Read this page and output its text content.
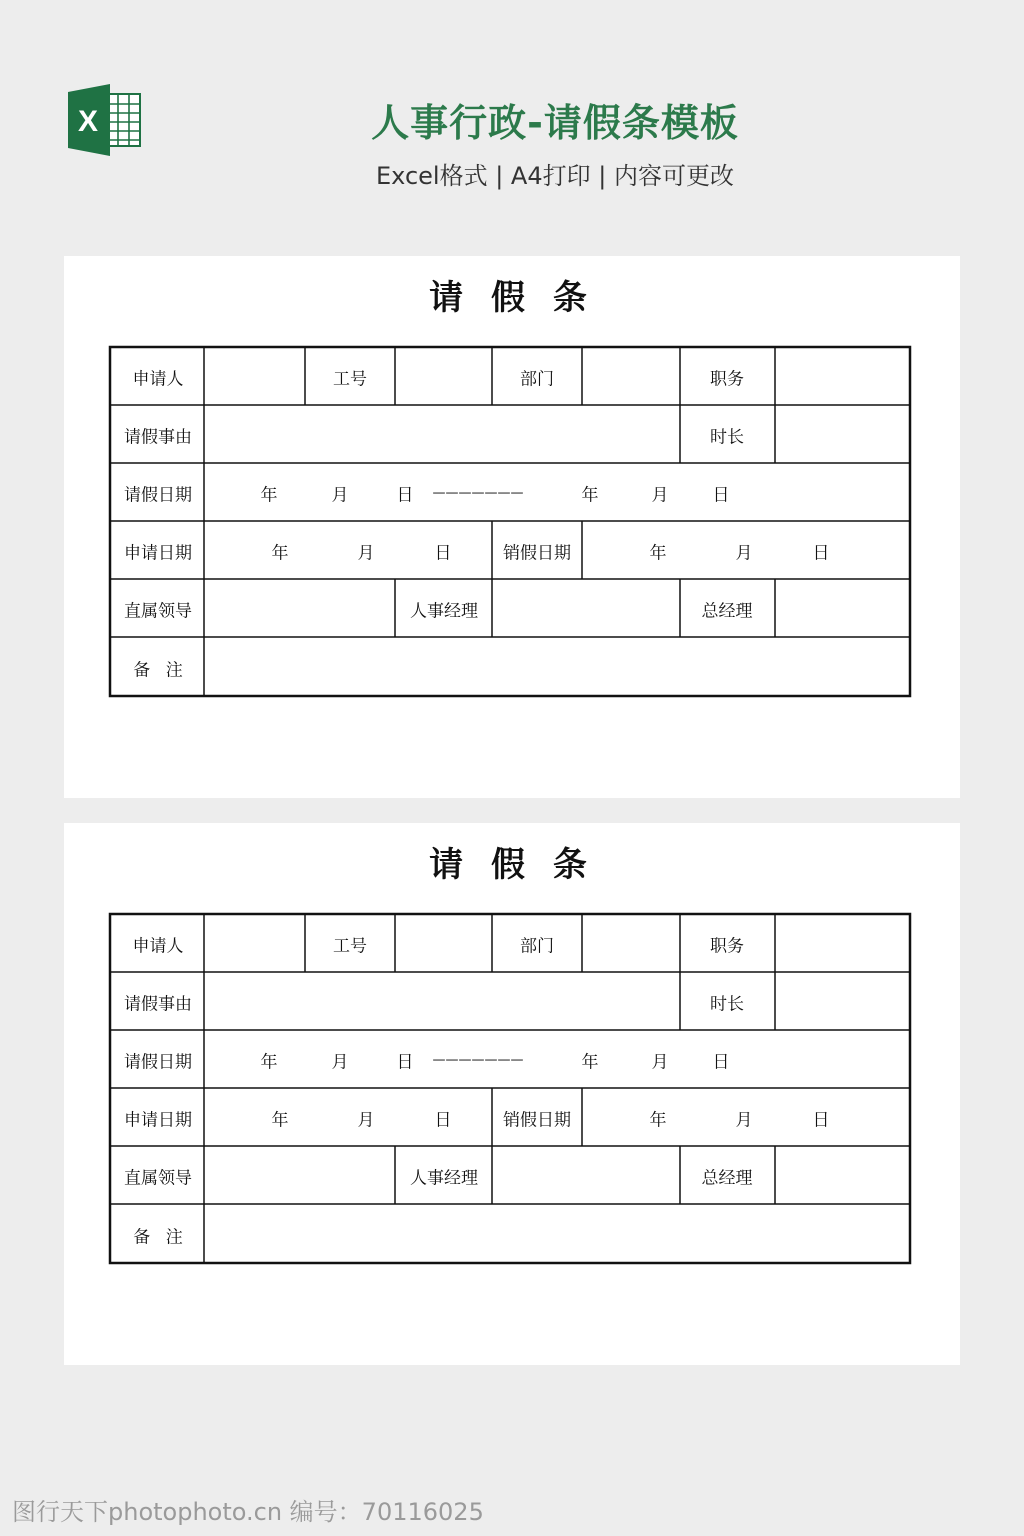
X	人事行政-请假条模板
Excel格式 | A4打印 | 内容可更改
请 假 条
申请人	工号	部门	职务
请假事由	时长
请假日期	年	月	日 ———————	年	月	日
申请日期	年	月	日	销假日期	年	月	日
直属领导	人事经理	总经理
备 注
请 假 条
申请人	工号	部门	职务
请假事由	时长
请假日期	年	月	日 ———————	年	月	日
申请日期	年	月	日	销假日期	年	月	日
直属领导	人事经理	总经理
备 注
图行天下photophoto.cn 编号：70116025
